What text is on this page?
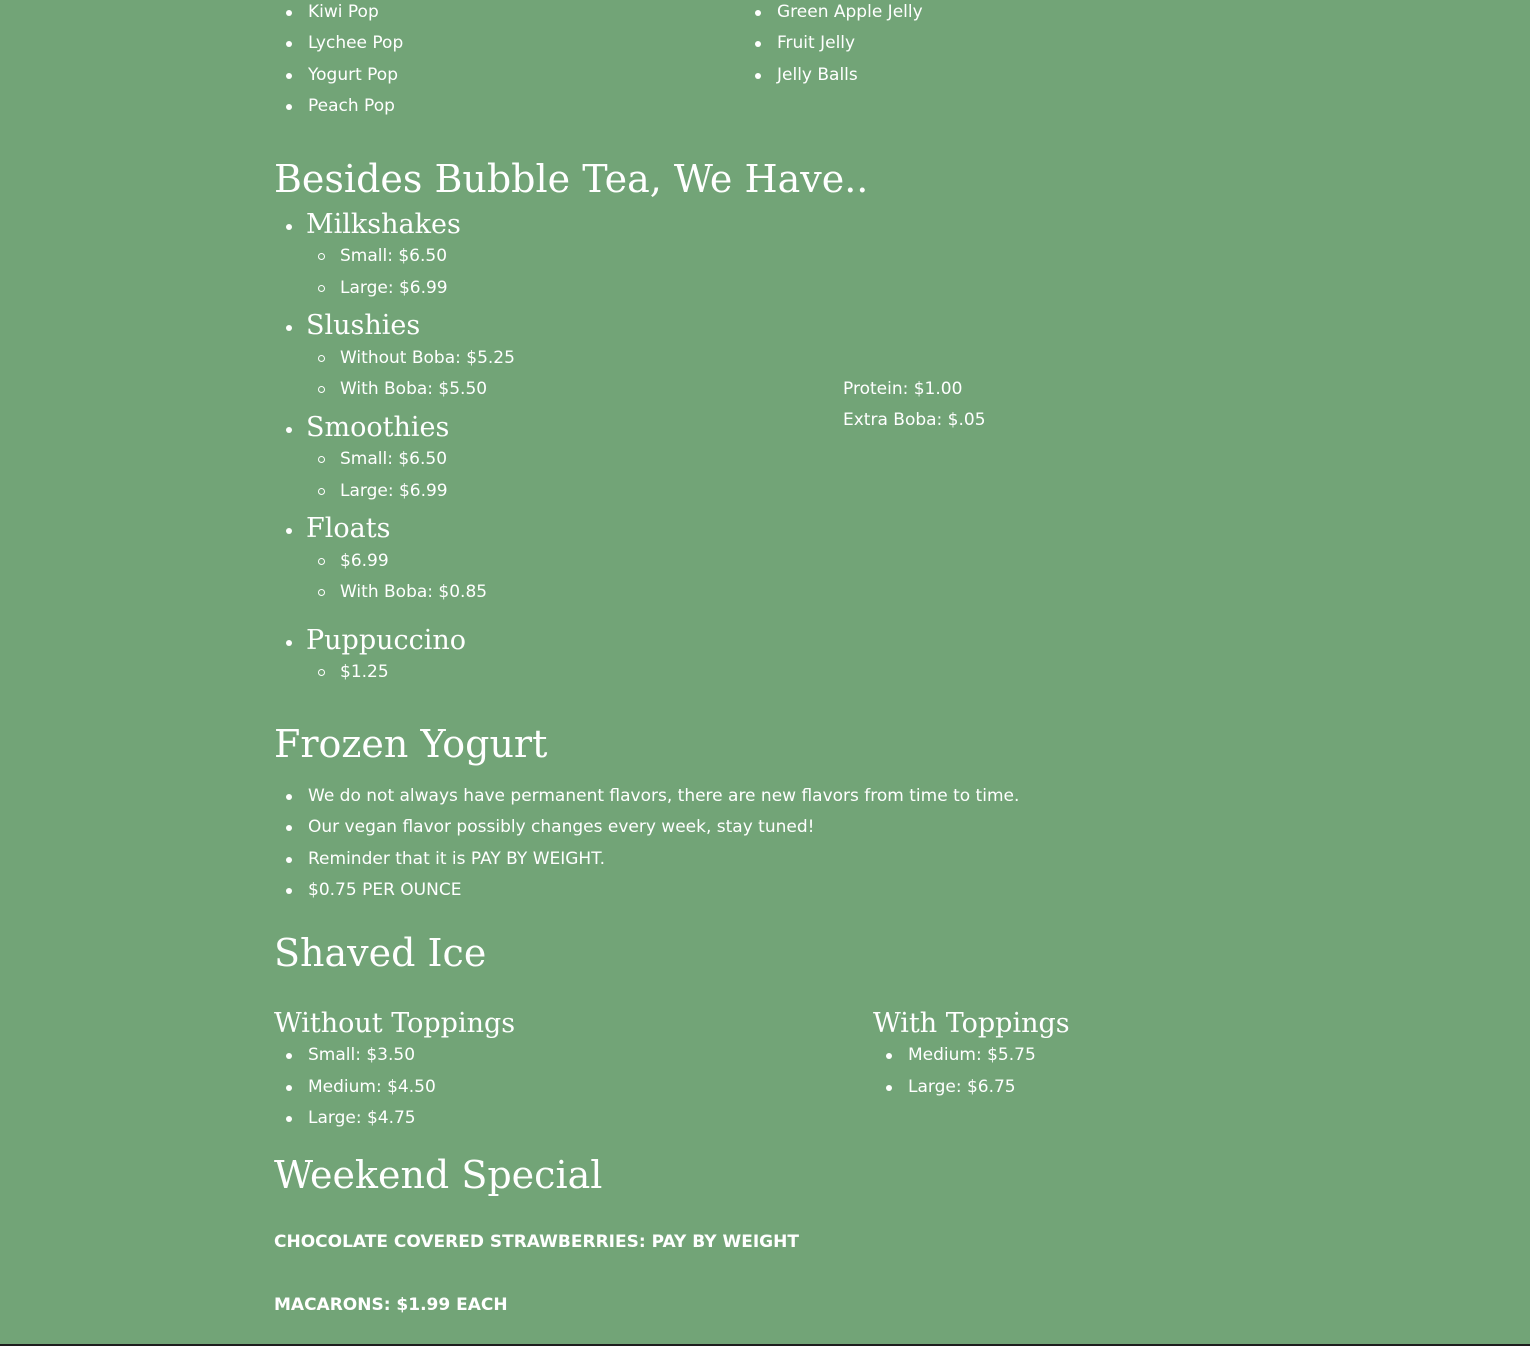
Kiwi Pop
Lychee Pop
Yogurt Pop
Peach Pop
Green Apple Jelly
Fruit Jelly
Jelly Balls
Besides Bubble Tea, We Have..
Milkshakes
Small: $6.50
Large: $6.99
Slushies
Without Boba: $5.25
With Boba: $5.50	Protein: $1.00
Extra Boba: $.05
Smoothies
Small: $6.50
Large: $6.99
Floats
$6.99
With Boba: $0.85
Puppuccino
$1.25
Frozen Yogurt
We do not always have permanent flavors, there are new flavors from time to time.
Our vegan flavor possibly changes every week, stay tuned!
Reminder that it is PAY BY WEIGHT.
$0.75 PER OUNCE
Shaved Ice
Without Toppings
Small: $3.50
Medium: $4.50
Large: $4.75
With Toppings
Medium: $5.75
Large: $6.75
Weekend Special
CHOCOLATE COVERED STRAWBERRIES: PAY BY WEIGHT
MACARONS: $1.99 EACH
